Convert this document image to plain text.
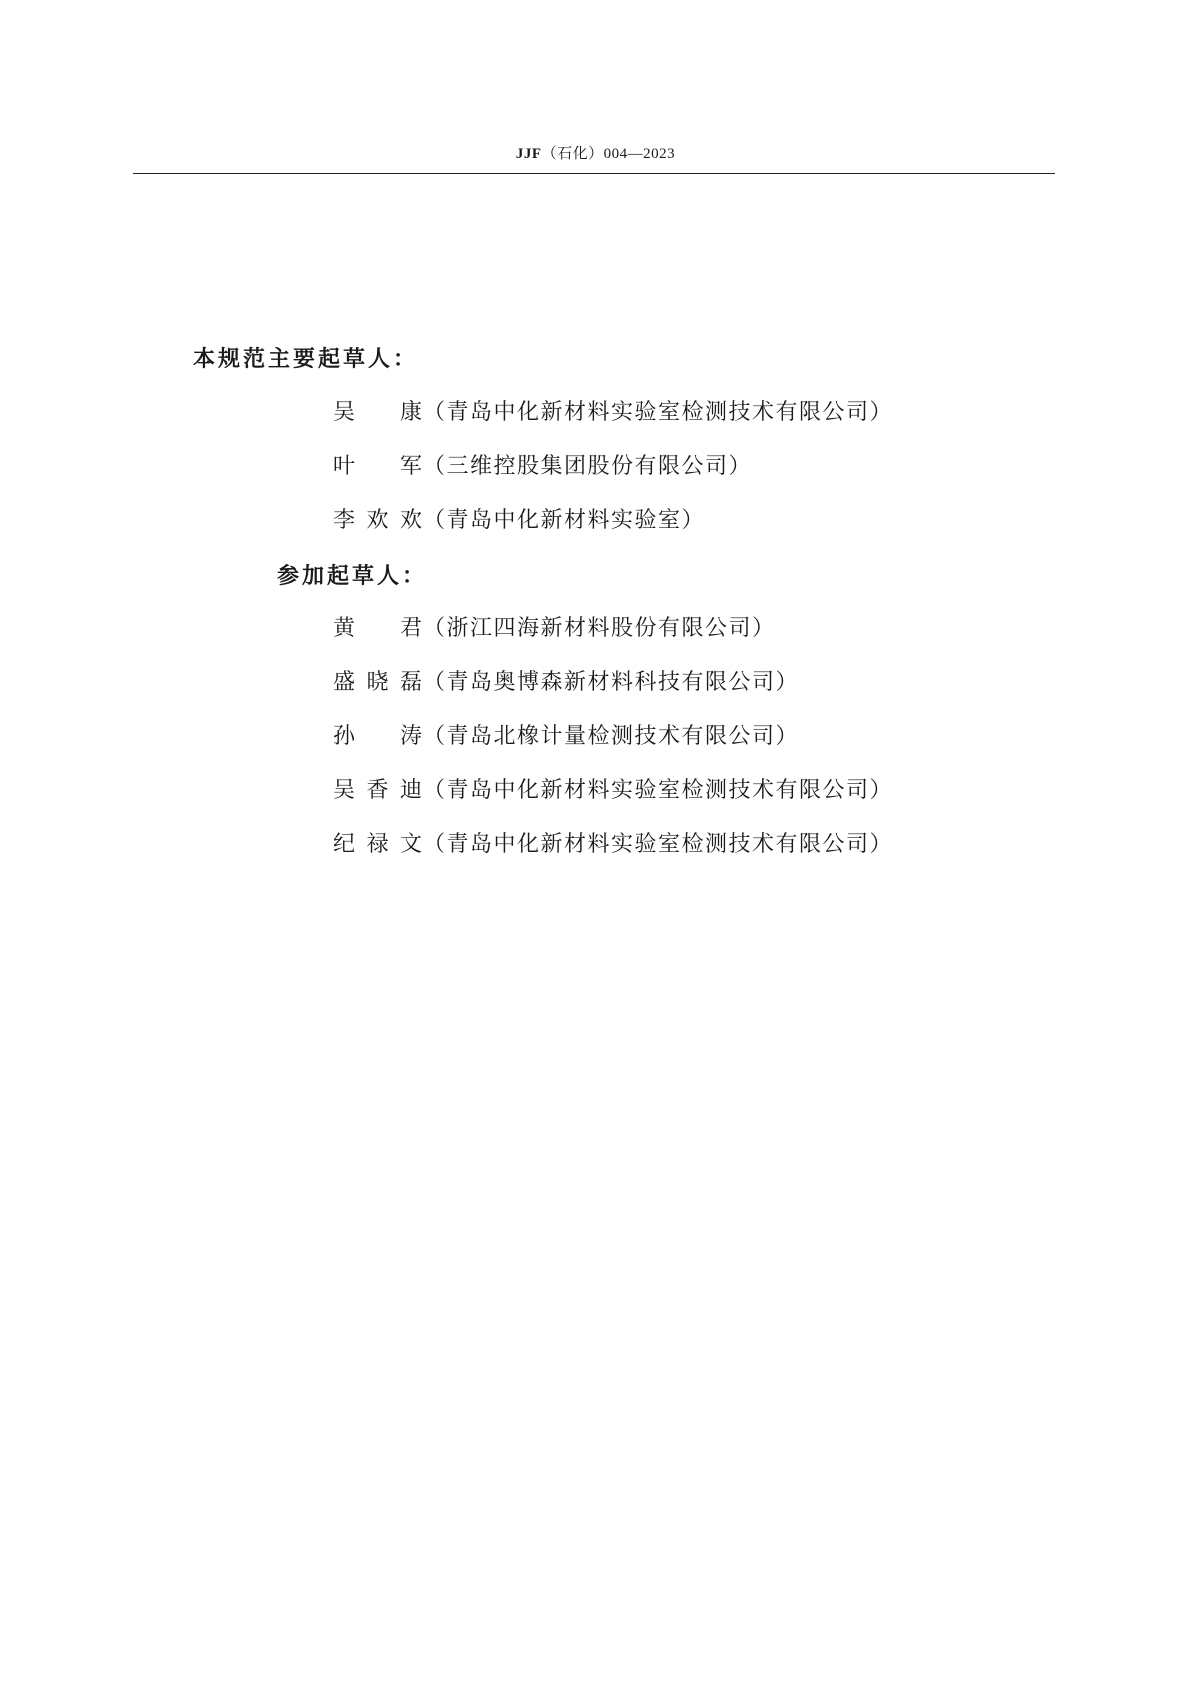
JJF（石化）004—2023
本规范主要起草人：
吴 康（青岛中化新材料实验室检测技术有限公司）
叶 军（三维控股集团股份有限公司）
李欢欢（青岛中化新材料实验室）
参加起草人：
黄 君（浙江四海新材料股份有限公司）
盛晓磊（青岛奥博森新材料科技有限公司）
孙 涛（青岛北橡计量检测技术有限公司）
吴香迪（青岛中化新材料实验室检测技术有限公司）
纪禄文（青岛中化新材料实验室检测技术有限公司）
